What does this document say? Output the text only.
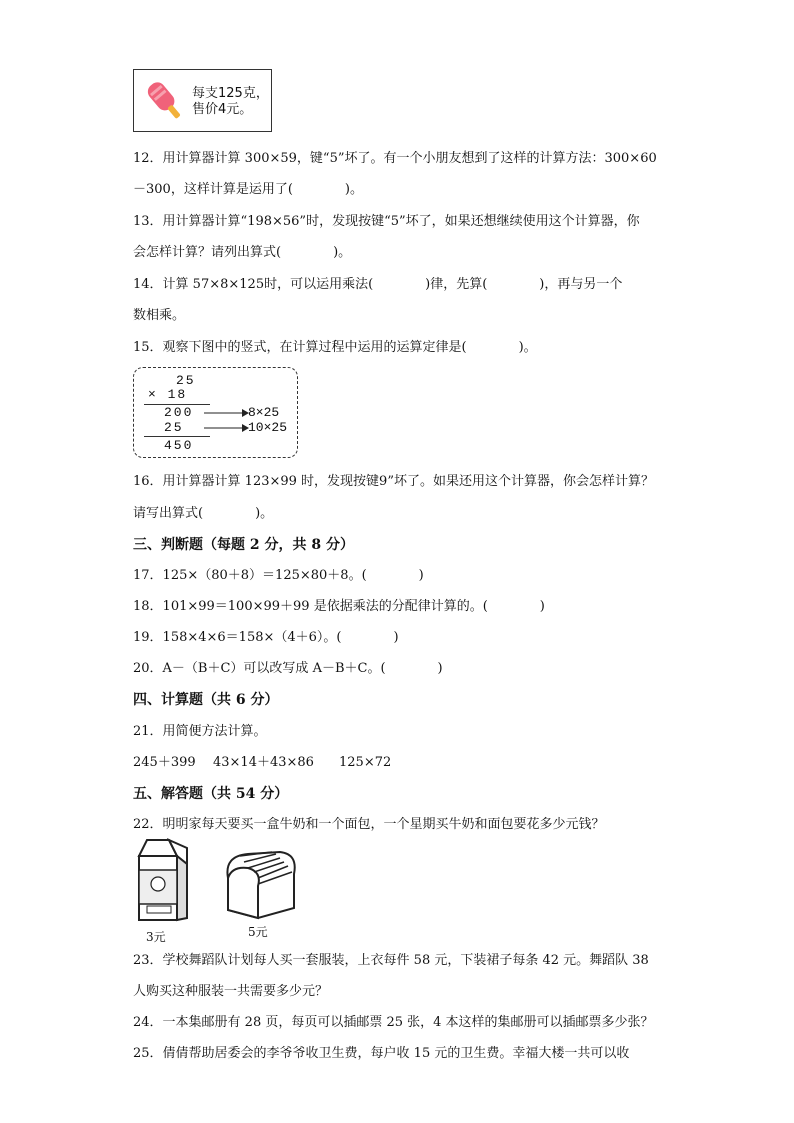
每支125克，
售价4元。
12．用计算器计算 300×59，键“5”坏了。有一个小朋友想到了这样的计算方法：300×60
－300，这样计算是运用了(　　　　)。
13．用计算器计算“198×56”时，发现按键“5”坏了，如果还想继续使用这个计算器，你
会怎样计算？请列出算式(　　　　)。
14．计算 57×8×125时，可以运用乘法(　　　　)律，先算(　　　　)，再与另一个
数相乘。
15．观察下图中的竖式，在计算过程中运用的运算定律是(　　　　)。
25
× 18
200
25
450
8×25
10×25
16．用计算器计算 123×99 时，发现按键9”坏了。如果还用这个计算器，你会怎样计算？
请写出算式(　　　　)。
三、判断题（每题 2 分，共 8 分）
17．125×（80＋8）＝125×80＋8。(　　　　)
18．101×99＝100×99＋99 是依据乘法的分配律计算的。(　　　　)
19．158×4×6＝158×（4＋6）。(　　　　)
20．A－（B＋C）可以改写成 A－B＋C。(　　　　)
四、计算题（共 6 分）
21．用简便方法计算。
245＋399 43×14＋43×86 125×72
五、解答题（共 54 分）
22．明明家每天要买一盒牛奶和一个面包，一个星期买牛奶和面包要花多少元钱？
3元	5元
23．学校舞蹈队计划每人买一套服装，上衣每件 58 元，下装裙子每条 42 元。舞蹈队 38
人购买这种服装一共需要多少元？
24．一本集邮册有 28 页，每页可以插邮票 25 张，4 本这样的集邮册可以插邮票多少张？
25．倩倩帮助居委会的李爷爷收卫生费，每户收 15 元的卫生费。幸福大楼一共可以收
